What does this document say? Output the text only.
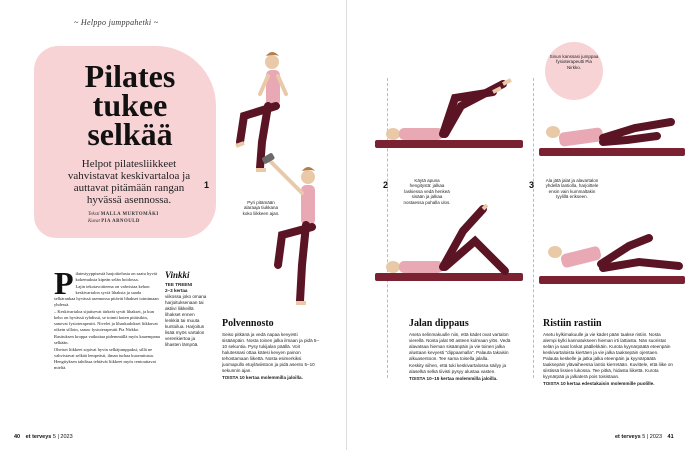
~ Helppo jumppahetki ~
Pilates
tukee
selkää
Helpot pilatesliikkeet vahvistavat keskivartaloa ja auttavat pitämään rangan hyvässä asennossa.
Teksti MALLA MURTOMÄKI
Kuvat PIA ARNOULD
P ilatestyyppisestä harjoittelusta on saatu hyviä kokemuksia kipeän selän hoidossa.

Lajin tekotavoitteena on vahvistaa kehon keskivartalon syviä lihaksia ja saada selkärankaa hyvässä asennossa pitävät lihakset toimimaan yhdessä.

– Keskivartaloa sijaitsevat tärkeät syvät lihakset, ja kun keho on hyvässä ryhdissä, se toimii kuten pitäisikin, sanovat fysioterapeutit. Nivelet ja lihaskudokset liikkuvat oikein silloin, sanoo fysioterapeutti Pia Nirkko.

Rasituksen kroppa vaikuttaa pidemmällä myös kauempana selkään.

Oheiset liikkeet sopivat hyvin selkäjumppaksi, sillä ne vahvistavat selkää lempeästi, ilman turhaa kuormitusta. Hengityksen tahdissa tehtävät liikkeet myös rentouttavat mieltä.

Vinkki
TEE TREENI
2–3 kertaa
viikossa joko omana harjoituksenaan tai aktiivi liikkeillä lihakset ennen lenkkiä tai muuta kuntoilua. Harjoitus lisää myös vartalon verenkiertoa ja lihasten lämpöä.
1
Pyri pitämään alaraaja tiukkana koko liikkeen ajan.
Polvennosto

Seiso pitkänä ja vedä napaa kevyesti sisäänpäin. Nosta toinen jalka ilmaan ja pidä 5–10 sekuntia. Pysy tukijalan päällä. Voit halutessasi ottaa kätesi kevyen painon tehostamaan liikettä. Nosta esimerkiksi juomapullo etuyläviistoon ja pidä asento 5–10 sekunnin ajan.

TOISTA 10 kertaa molemmilla jaloilla.

40 et terveys 5 | 2023
2	Käytä apuna hengitystä: jalkaa laskiessa vedä henkeä sisään ja jalkaa nostaessa puhalla ulos.
Jalan dippaus

Aseta selinmakuulle niin, että kädet ovat vartalon vierellä. Nosta jalat 90 asteen kulmaan ylös. Vedä alavatsaa hieman sisäänpäin ja vie toinen jalka alustaan kevyesti "dippaamalla". Palauta takaisin alkuasentoon. Tee sama toisella jalalla.

Keskity siihen, että tuki keskivartalossa säilyy ja alaselkä selkä tiivisti pysyy alustaa vasten.

TOISTA 10–15 kertaa molemmilla jaloilla.

Sinun kanssasi jumppaa fysioterapeutti Pia Nirkko.
3	Ala jätä jalat ja alavartalon yhdellä lantiolla, harjoittele ensin vain kummaltakin tyylillä erikseen.
Ristiin rastiin

Asetu kylkimakuulle ja vie kädet pään taakse ristiin. Nosta alempi kylki kannatukseen hieman irti lattiasta. Nän suoristat selän ja saat lonkat päällekkäin. Kurota kyynärpäätä eteenpäin keskivartaloista kiertäen ja vie jalka taaksepäin ojentaen. Palauta keskelle ja jatka jalka eteenpäin ja kyynärpäätä taaksepäin ylävaiheessa lantio kierretään. Kuvittele, että liike on siistissä lissien lukossa. Tee pitkä, hidasta liikettä. Kurota kyynärpää ja jalkaterä pois toisistaan.

TOISTA 10 kertaa edestakaisin molemmille puolille.

et terveys 5 | 2023 41
